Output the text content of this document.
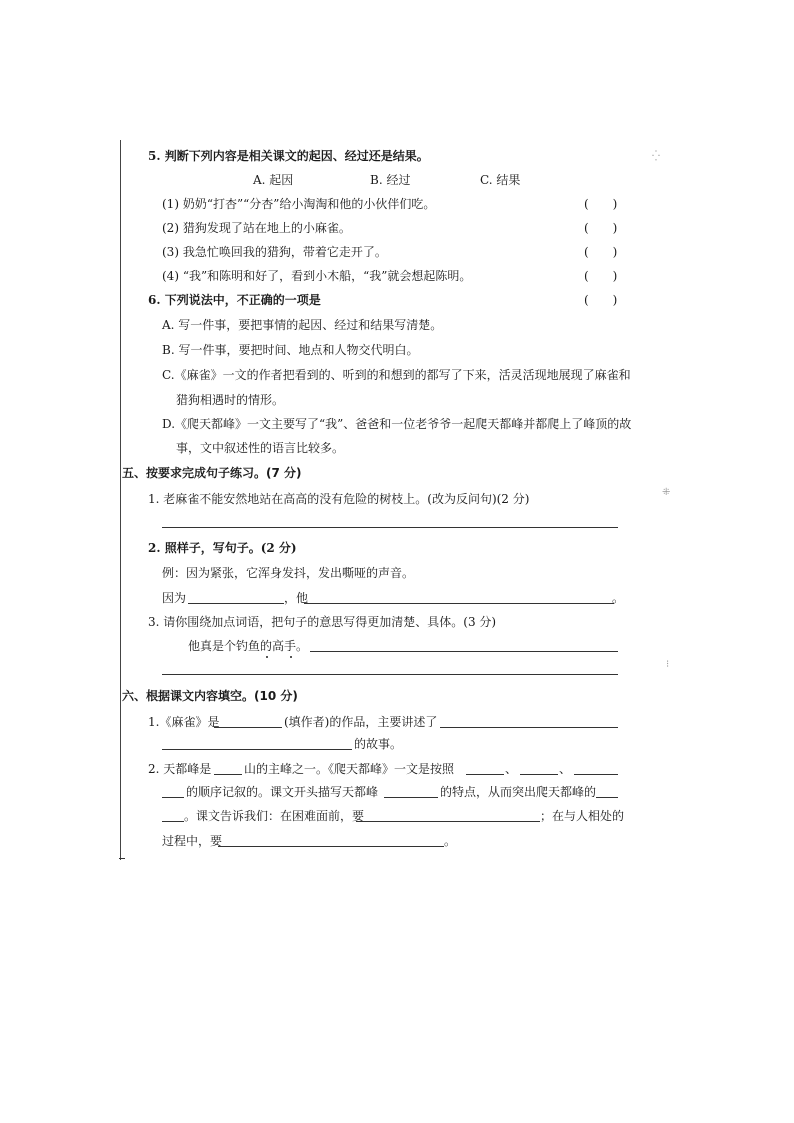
⁛
⁜
⁝
5. 判断下列内容是相关课文的起因、经过还是结果。
A. 起因	B. 经过	C. 结果
(1) 奶奶“打杏”“分杏”给小淘淘和他的小伙伴们吃。	(　　)
(2) 猎狗发现了站在地上的小麻雀。	(　　)
(3) 我急忙唤回我的猎狗，带着它走开了。	(　　)
(4) “我”和陈明和好了，看到小木船，“我”就会想起陈明。	(　　)
6. 下列说法中，不正确的一项是	(　　)
A. 写一件事，要把事情的起因、经过和结果写清楚。
B. 写一件事，要把时间、地点和人物交代明白。
C.《麻雀》一文的作者把看到的、听到的和想到的都写了下来，活灵活现地展现了麻雀和
猎狗相遇时的情形。
D.《爬天都峰》一文主要写了“我”、爸爸和一位老爷爷一起爬天都峰并都爬上了峰顶的故
事，文中叙述性的语言比较多。
五、按要求完成句子练习。(7 分)
1. 老麻雀不能安然地站在高高的没有危险的树枝上。(改为反问句)(2 分)
2. 照样子，写句子。(2 分)
例：因为紧张，它浑身发抖，发出嘶哑的声音。
因为	，他	。
3. 请你围绕加点词语，把句子的意思写得更加清楚、具体。(3 分)
他真是个钓鱼的高手。
六、根据课文内容填空。(10 分)
1.《麻雀》是	(填作者)的作品，主要讲述了
的故事。
2. 天都峰是	山的主峰之一。《爬天都峰》一文是按照	、	、
的顺序记叙的。课文开头描写天都峰	的特点，从而突出爬天都峰的
。课文告诉我们：在困难面前，要	；在与人相处的
过程中，要	。
